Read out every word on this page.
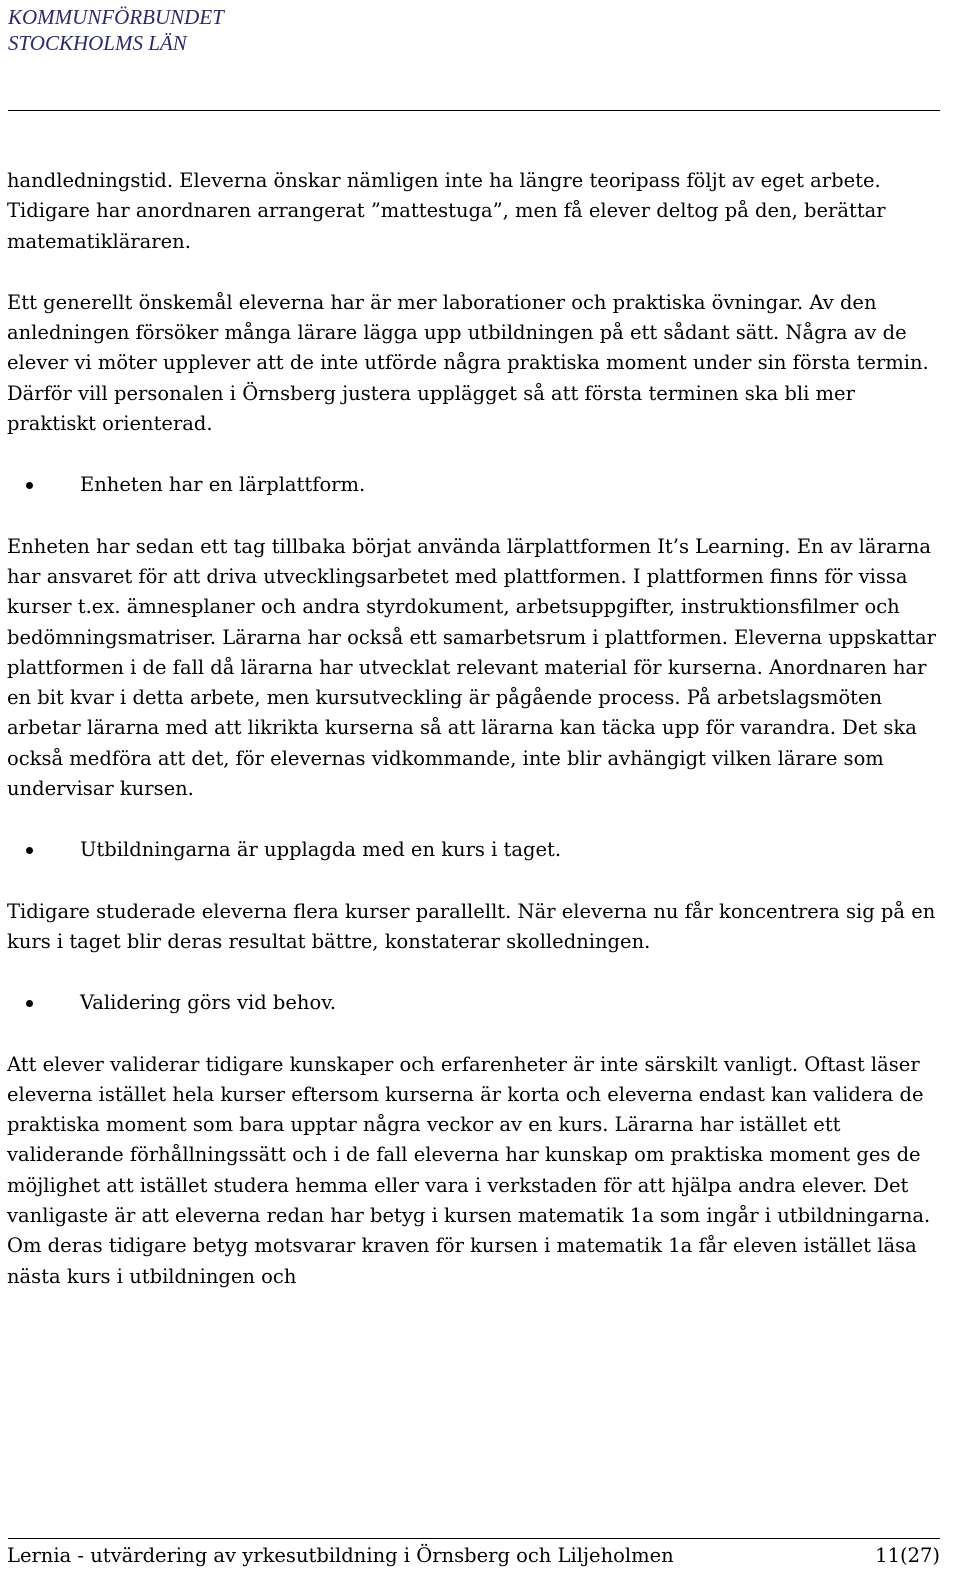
KOMMUNFÖRBUNDET
STOCKHOLMS LÄN

handledningstid. Eleverna önskar nämligen inte ha längre teoripass följt av eget arbete. Tidigare har anordnaren arrangerat ”mattestuga”, men få elever deltog på den, berättar matematikläraren.

Ett generellt önskemål eleverna har är mer laborationer och praktiska övningar. Av den anledningen försöker många lärare lägga upp utbildningen på ett sådant sätt. Några av de elever vi möter upplever att de inte utförde några praktiska moment under sin första termin. Därför vill personalen i Örnsberg justera upplägget så att första terminen ska bli mer praktiskt orienterad.

Enheten har en lärplattform.

Enheten har sedan ett tag tillbaka börjat använda lärplattformen It’s Learning. En av lärarna har ansvaret för att driva utvecklingsarbetet med plattformen. I plattformen finns för vissa kurser t.ex. ämnesplaner och andra styrdokument, arbetsuppgifter, instruktionsfilmer och bedömningsmatriser. Lärarna har också ett samarbetsrum i plattformen. Eleverna uppskattar plattformen i de fall då lärarna har utvecklat relevant material för kurserna. Anordnaren har en bit kvar i detta arbete, men kursutveckling är pågående process. På arbetslagsmöten arbetar lärarna med att likrikta kurserna så att lärarna kan täcka upp för varandra. Det ska också medföra att det, för elevernas vidkommande, inte blir avhängigt vilken lärare som undervisar kursen.

Utbildningarna är upplagda med en kurs i taget.

Tidigare studerade eleverna flera kurser parallellt. När eleverna nu får koncentrera sig på en kurs i taget blir deras resultat bättre, konstaterar skolledningen.

Validering görs vid behov.

Att elever validerar tidigare kunskaper och erfarenheter är inte särskilt vanligt. Oftast läser eleverna istället hela kurser eftersom kurserna är korta och eleverna endast kan validera de praktiska moment som bara upptar några veckor av en kurs. Lärarna har istället ett validerande förhållningssätt och i de fall eleverna har kunskap om praktiska moment ges de möjlighet att istället studera hemma eller vara i verkstaden för att hjälpa andra elever. Det vanligaste är att eleverna redan har betyg i kursen matematik 1a som ingår i utbildningarna. Om deras tidigare betyg motsvarar kraven för kursen i matematik 1a får eleven istället läsa nästa kurs i utbildningen och

Lernia - utvärdering av yrkesutbildning i Örnsberg och Liljeholmen	11(27)
